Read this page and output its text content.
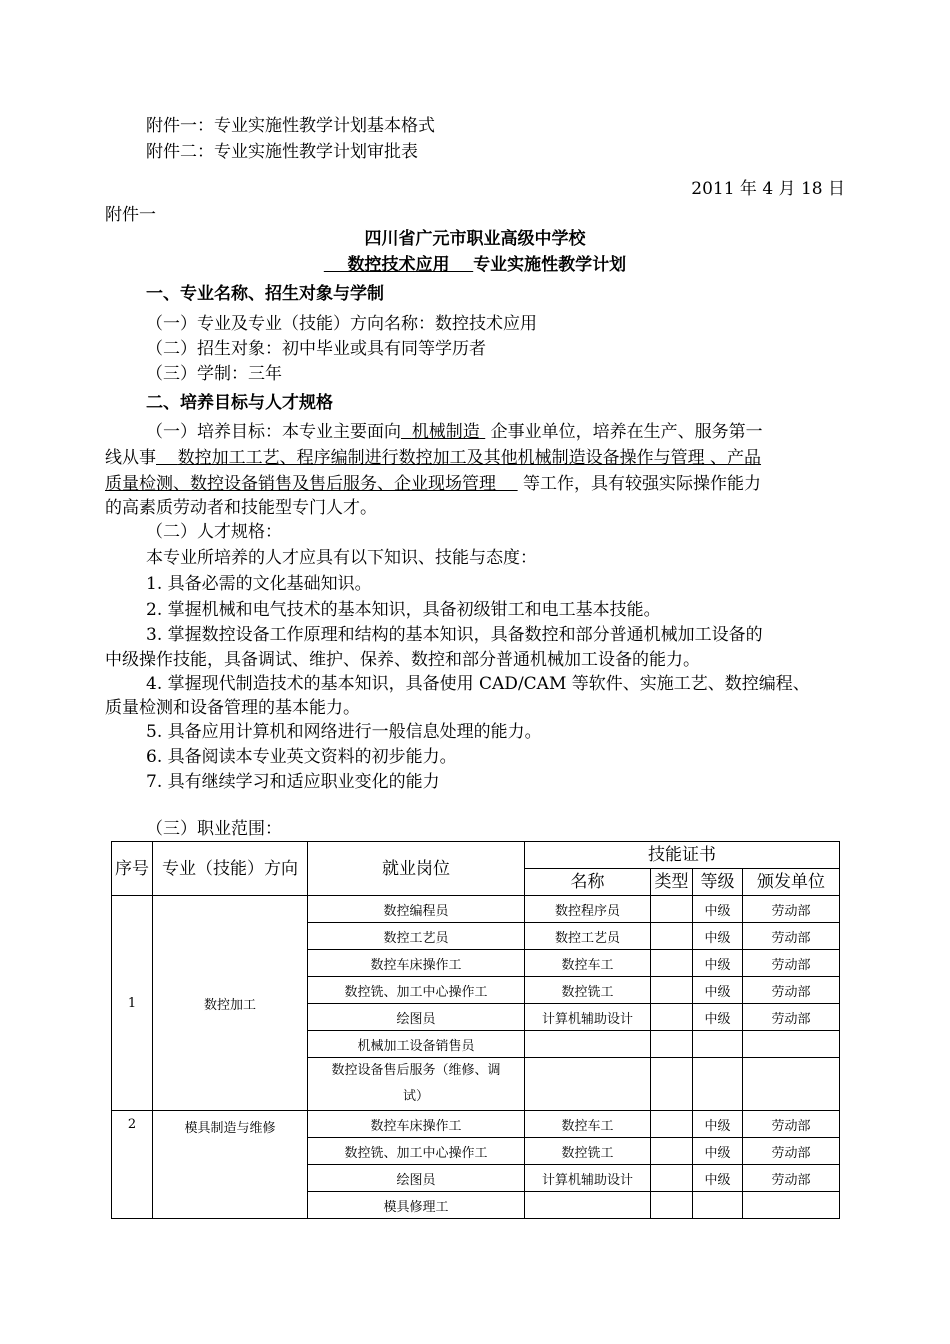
附件一：专业实施性教学计划基本格式
附件二：专业实施性教学计划审批表
2011 年 4 月 18 日
附件一
四川省广元市职业高级中学校
数控技术应用 专业实施性教学计划
一、专业名称、招生对象与学制
（一）专业及专业（技能）方向名称：数控技术应用
（二）招生对象：初中毕业或具有同等学历者
（三）学制：三年
二、培养目标与人才规格
（一）培养目标：本专业主要面向 机械制造 企事业单位，培养在生产、服务第一
线从事 数控加工工艺、程序编制进行数控加工及其他机械制造设备操作与管理 、产品
质量检测、数控设备销售及售后服务、企业现场管理 等工作，具有较强实际操作能力
的高素质劳动者和技能型专门人才。
（二）人才规格：
本专业所培养的人才应具有以下知识、技能与态度：
1. 具备必需的文化基础知识。
2. 掌握机械和电气技术的基本知识，具备初级钳工和电工基本技能。
3. 掌握数控设备工作原理和结构的基本知识，具备数控和部分普通机械加工设备的
中级操作技能，具备调试、维护、保养、数控和部分普通机械加工设备的能力。
4. 掌握现代制造技术的基本知识，具备使用 CAD/CAM 等软件、实施工艺、数控编程、
质量检测和设备管理的基本能力。
5. 具备应用计算机和网络进行一般信息处理的能力。
6. 具备阅读本专业英文资料的初步能力。
7. 具有继续学习和适应职业变化的能力
（三）职业范围：
序号	专业（技能）方向	就业岗位	技能证书			
			名称	类型	等级	颁发单位
1	数控加工	数控编程员	数控程序员		中级	劳动部
		数控工艺员	数控工艺员		中级	劳动部
		数控车床操作工	数控车工		中级	劳动部
		数控铣、加工中心操作工	数控铣工		中级	劳动部
		绘图员	计算机辅助设计		中级	劳动部
		机械加工设备销售员				
		数控设备售后服务（维修、调试）				
2	模具制造与维修	数控车床操作工	数控车工		中级	劳动部
		数控铣、加工中心操作工	数控铣工		中级	劳动部
		绘图员	计算机辅助设计		中级	劳动部
		模具修理工				
